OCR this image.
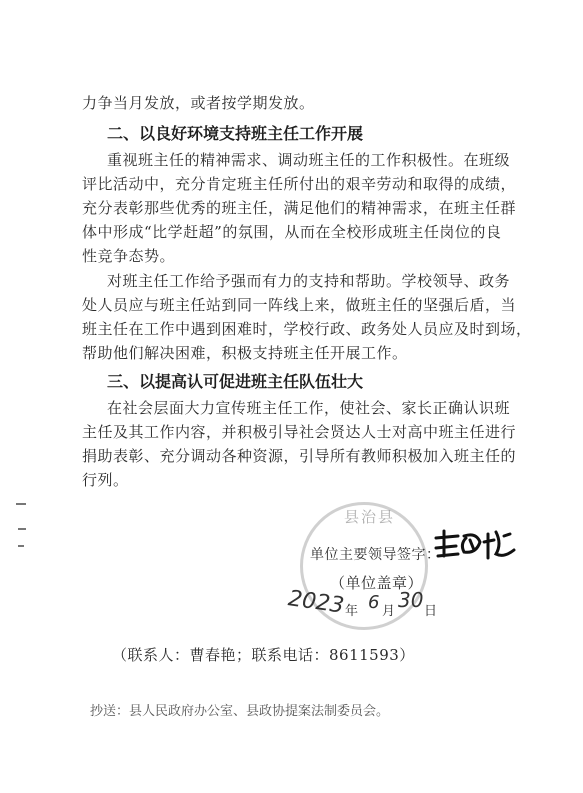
力争当月发放，或者按学期发放。
二、以良好环境支持班主任工作开展
重视班主任的精神需求、调动班主任的工作积极性。在班级
评比活动中，充分肯定班主任所付出的艰辛劳动和取得的成绩，
充分表彰那些优秀的班主任，满足他们的精神需求，在班主任群
体中形成“比学赶超”的氛围，从而在全校形成班主任岗位的良
性竞争态势。
对班主任工作给予强而有力的支持和帮助。学校领导、政务
处人员应与班主任站到同一阵线上来，做班主任的坚强后盾，当
班主任在工作中遇到困难时，学校行政、政务处人员应及时到场，
帮助他们解决困难，积极支持班主任开展工作。
三、以提高认可促进班主任队伍壮大
在社会层面大力宣传班主任工作，使社会、家长正确认识班
主任及其工作内容，并积极引导社会贤达人士对高中班主任进行
捐助表彰、充分调动各种资源，引导所有教师积极加入班主任的
行列。
县治县
单位主要领导签字：
（单位盖章）
2023 年 6 月 30 日
（联系人：曹春艳；联系电话：8611593）
抄送：县人民政府办公室、县政协提案法制委员会。
